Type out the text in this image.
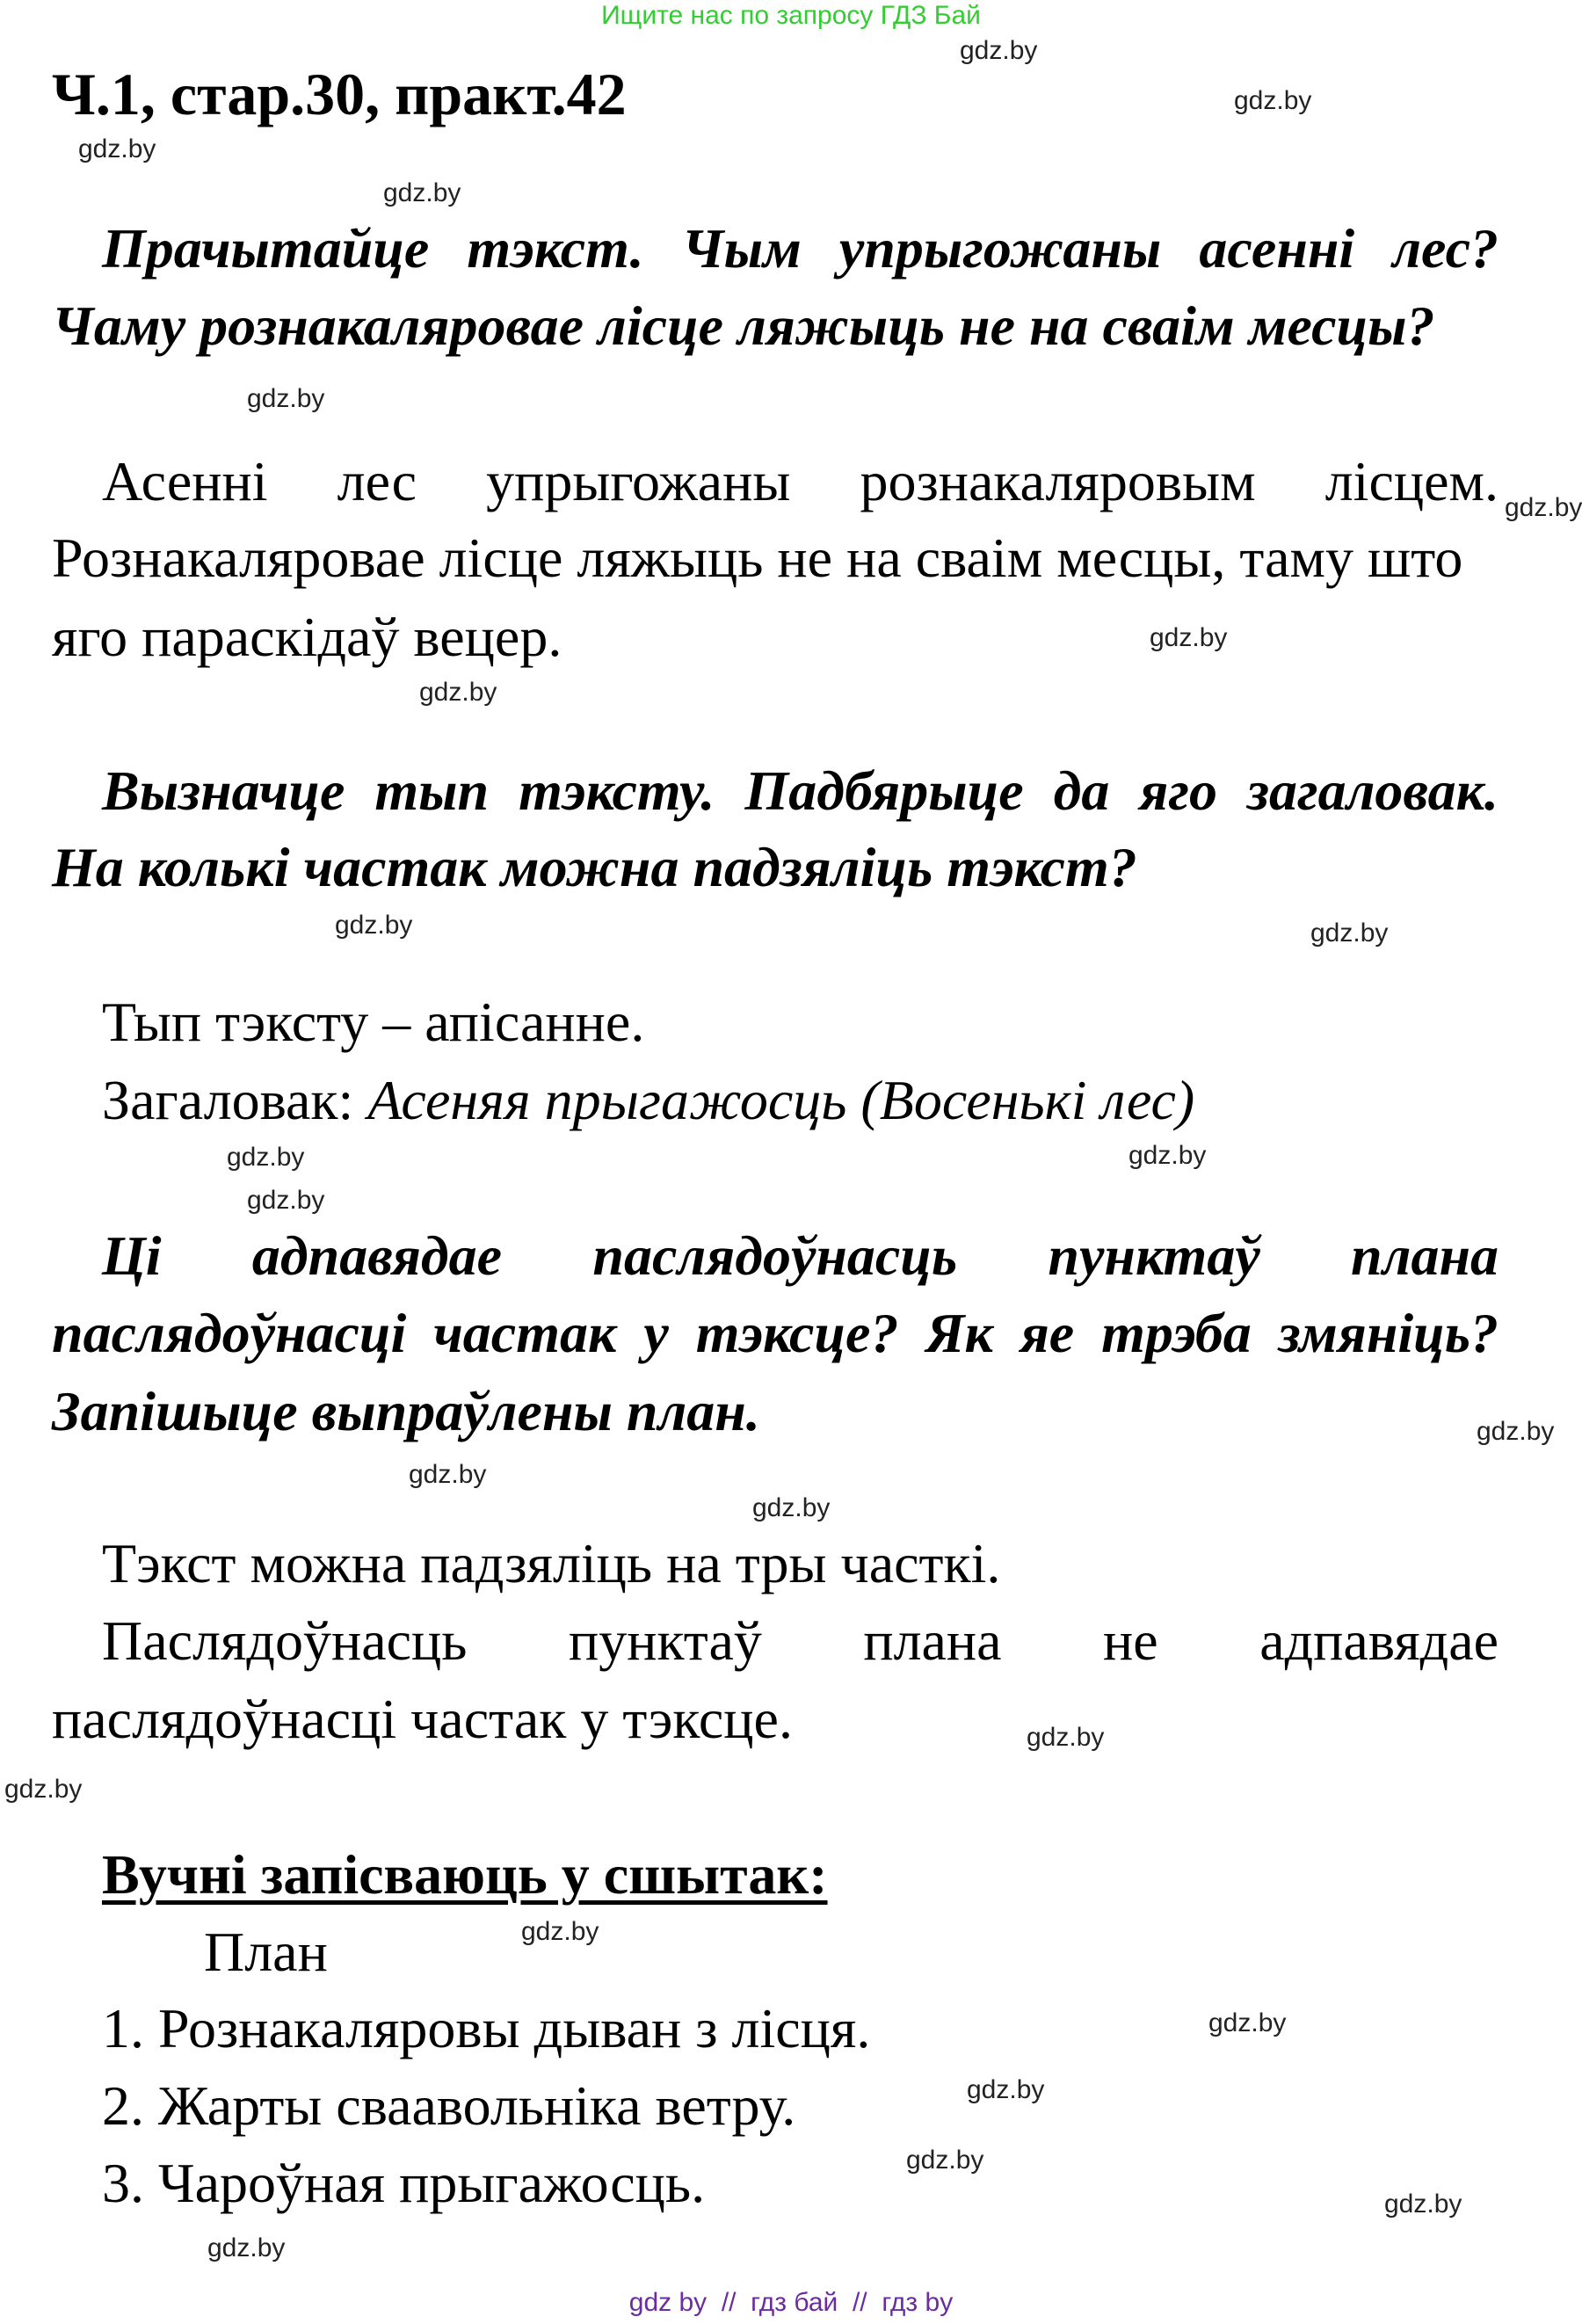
Ищите нас по запросу ГДЗ Бай
Ч.1, стар.30, практ.42
Прачытайце тэкст. Чым упрыгожаны асенні лес?
Чаму рознакаляровае лісце ляжыць не на сваім месцы?
Асенні лес упрыгожаны рознакаляровым лісцем.
Рознакаляровае лісце ляжыць не на сваім месцы, таму што
яго параскідаў вецер.
Вызначце тып тэксту. Падбярыце да яго загаловак.
На колькі частак можна падзяліць тэкст?
Тып тэксту – апісанне.
Загаловак: Асеняя прыгажосць (Восенькі лес)
Ці адпавядае паслядоўнасць пунктаў плана
паслядоўнасці частак у тэксце? Як яе трэба змяніць?
Запішыце выпраўлены план.
Тэкст можна падзяліць на тры часткі.
Паслядоўнасць пунктаў плана не адпавядае
паслядоўнасці частак у тэксце.
Вучні запісваюць у сшытак:
План
1. Рознакаляровы дыван з лісця.
2. Жарты сваавольніка ветру.
3. Чароўная прыгажосць.
gdz.by
gdz.by
gdz.by
gdz.by
gdz.by
gdz.by
gdz.by
gdz.by
gdz.by	gdz.by
gdz.by	gdz.by
gdz.by
gdz.by
gdz.by
gdz.by
gdz.by
gdz.by
gdz.by
gdz.by
gdz.by
gdz.by
gdz.by
gdz.by
gdz by  //  гдз бай  //  гдз by
